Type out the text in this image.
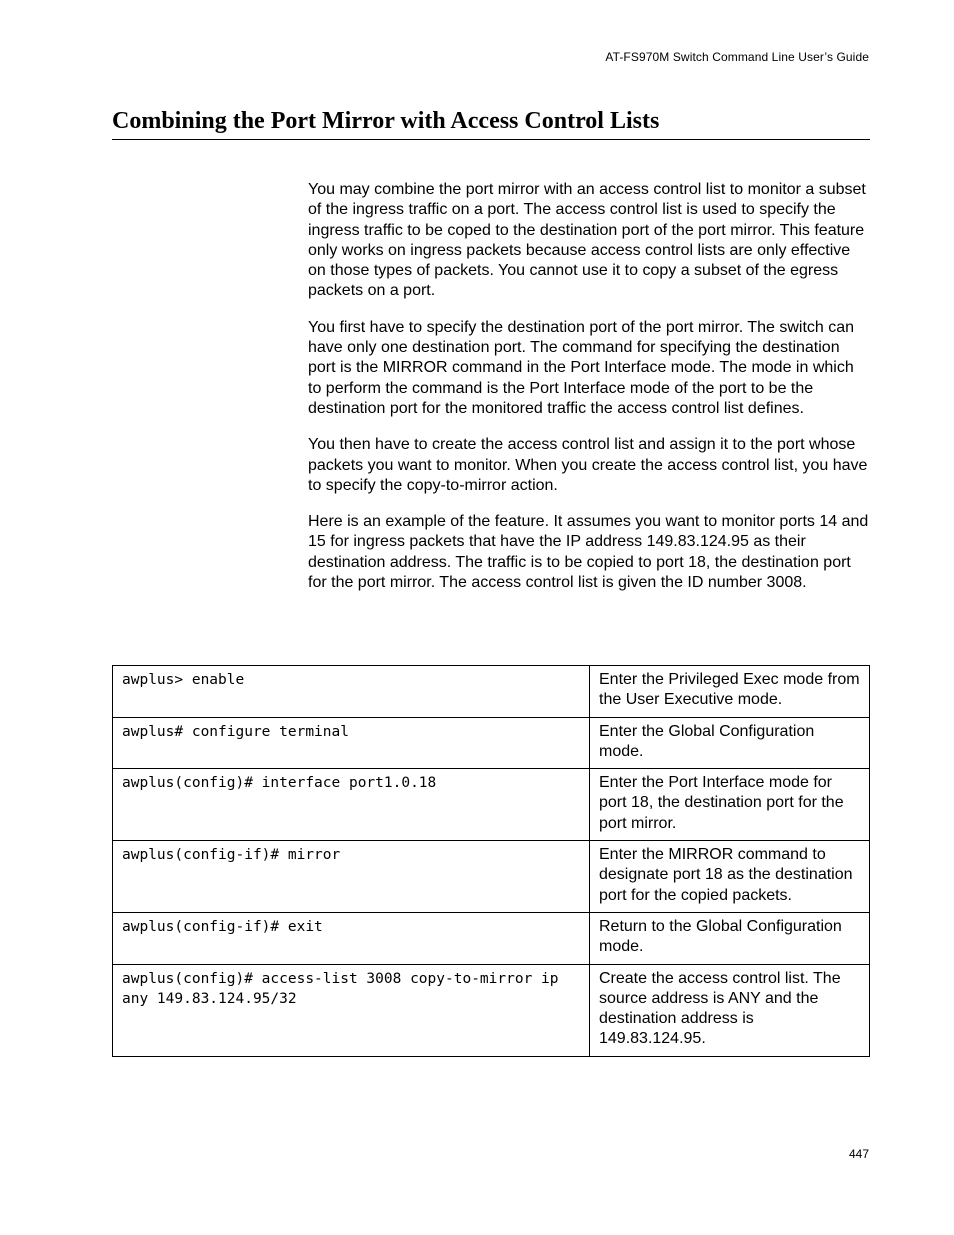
AT-FS970M Switch Command Line User’s Guide
Combining the Port Mirror with Access Control Lists

You may combine the port mirror with an access control list to monitor a subset of the ingress traffic on a port. The access control list is used to specify the ingress traffic to be coped to the destination port of the port mirror. This feature only works on ingress packets because access control lists are only effective on those types of packets. You cannot use it to copy a subset of the egress packets on a port.

You first have to specify the destination port of the port mirror. The switch can have only one destination port. The command for specifying the destination port is the MIRROR command in the Port Interface mode. The mode in which to perform the command is the Port Interface mode of the port to be the destination port for the monitored traffic the access control list defines.

You then have to create the access control list and assign it to the port whose packets you want to monitor. When you create the access control list, you have to specify the copy-to-mirror action.

Here is an example of the feature. It assumes you want to monitor ports 14 and 15 for ingress packets that have the IP address 149.83.124.95 as their destination address. The traffic is to be copied to port 18, the destination port for the port mirror. The access control list is given the ID number 3008.

awplus> enable	Enter the Privileged Exec mode from the User Executive mode.
awplus# configure terminal	Enter the Global Configuration mode.
awplus(config)# interface port1.0.18	Enter the Port Interface mode for port 18, the destination port for the port mirror.
awplus(config-if)# mirror	Enter the MIRROR command to designate port 18 as the destination port for the copied packets.
awplus(config-if)# exit	Return to the Global Configuration mode.
awplus(config)# access-list 3008 copy-to-mirror ip any 149.83.124.95/32	Create the access control list. The source address is ANY and the destination address is 149.83.124.95.
447
